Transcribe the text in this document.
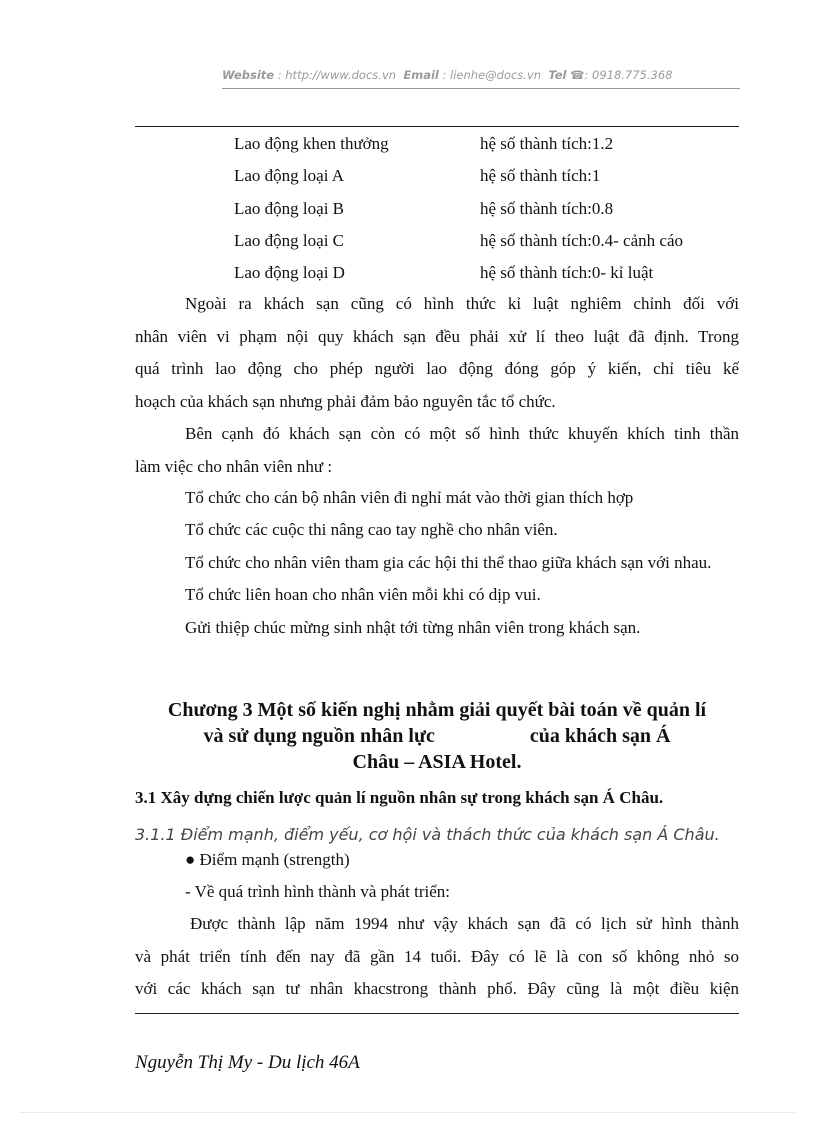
Website : http://www.docs.vn Email : lienhe@docs.vn Tel ☎: 0918.775.368
Lao động khen thưởng	hệ số thành tích:1.2
Lao động loại A	hệ số thành tích:1
Lao động loại B	hệ số thành tích:0.8
Lao động loại C	hệ số thành tích:0.4- cảnh cáo
Lao động loại D	hệ số thành tích:0- kỉ luật
Ngoài ra khách sạn cũng có hình thức kỉ luật nghiêm chỉnh đối với
nhân viên vi phạm nội quy khách sạn đều phải xử lí theo luật đã định. Trong
quá trình lao động cho phép người lao động đóng góp ý kiến, chỉ tiêu kế
hoạch của khách sạn nhưng phải đảm bảo nguyên tắc tổ chức.
Bên cạnh đó khách sạn còn có một số hình thức khuyến khích tinh thần
làm việc cho nhân viên như :
Tổ chức cho cán bộ nhân viên đi nghỉ mát vào thời gian thích hợp
Tổ chức các cuộc thi nâng cao tay nghề cho nhân viên.
Tổ chức cho nhân viên tham gia các hội thi thể thao giữa khách sạn với nhau.
Tổ chức liên hoan cho nhân viên mỗi khi có dịp vui.
Gửi thiệp chúc mừng sinh nhật tới từng nhân viên trong khách sạn.
Chương 3 Một số kiến nghị nhằm giải quyết bài toán về quản lí
và sử dụng nguồn nhân lực	của khách sạn Á
Châu – ASIA Hotel.
3.1 Xây dựng chiến lược quản lí nguồn nhân sự trong khách sạn Á Châu.
3.1.1 Điểm mạnh, điểm yếu, cơ hội và thách thức của khách sạn Á Châu.
● Điểm mạnh (strength)
- Về quá trình hình thành và phát triển:
Được thành lập năm 1994 như vậy khách sạn đã có lịch sử hình thành
và phát triển tính đến nay đã gần 14 tuổi. Đây có lẽ là con số không nhỏ so
với các khách sạn tư nhân khacstrong thành phố. Đây cũng là một điều kiện
Nguyễn Thị My - Du lịch 46A
